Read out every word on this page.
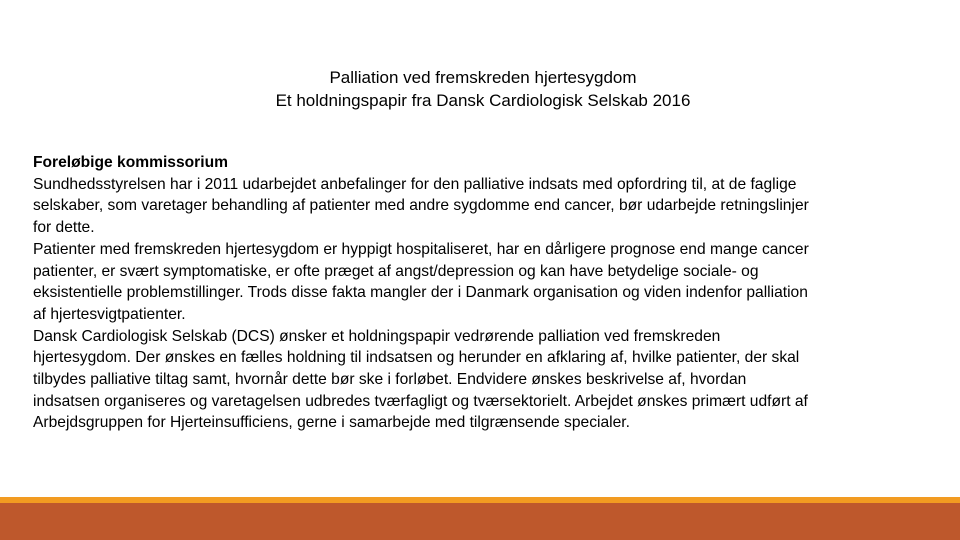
Palliation ved fremskreden hjertesygdom
Et holdningspapir fra Dansk Cardiologisk Selskab 2016
Foreløbige kommissorium
Sundhedsstyrelsen har i 2011 udarbejdet anbefalinger for den palliative indsats med opfordring til, at de faglige
selskaber, som varetager behandling af patienter med andre sygdomme end cancer, bør udarbejde retningslinjer
for dette.
Patienter med fremskreden hjertesygdom er hyppigt hospitaliseret, har en dårligere prognose end mange cancer
patienter, er svært symptomatiske, er ofte præget af angst/depression og kan have betydelige sociale- og
eksistentielle problemstillinger. Trods disse fakta mangler der i Danmark organisation og viden indenfor palliation
af hjertesvigtpatienter.
Dansk Cardiologisk Selskab (DCS) ønsker et holdningspapir vedrørende palliation ved fremskreden
hjertesygdom. Der ønskes en fælles holdning til indsatsen og herunder en afklaring af, hvilke patienter, der skal
tilbydes palliative tiltag samt, hvornår dette bør ske i forløbet. Endvidere ønskes beskrivelse af, hvordan
indsatsen organiseres og varetagelsen udbredes tværfagligt og tværsektorielt. Arbejdet ønskes primært udført af
Arbejdsgruppen for Hjerteinsufficiens, gerne i samarbejde med tilgrænsende specialer.
